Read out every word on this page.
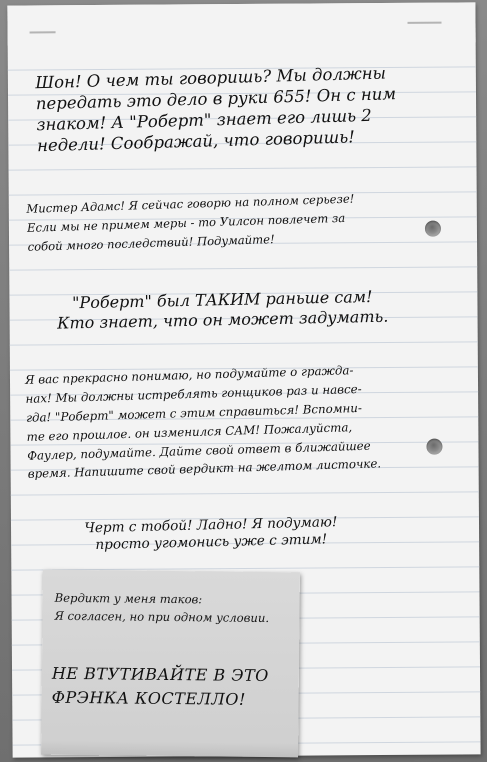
Шон! О чем ты говоришь? Мы должны

передать это дело в руки 655! Он с ним

знаком! А "Роберт" знает его лишь 2

недели! Соображай, что говоришь!

Мистер Адамс! Я сейчас говорю на полном серьезе!

Если мы не примем меры - то Уилсон повлечет за

собой много последствий! Подумайте!

"Роберт" был ТАКИМ раньше сам!

Кто знает, что он может задумать.

Я вас прекрасно понимаю, но подумайте о гражда-

нах! Мы должны истреблять гонщиков раз и навсе-

гда! "Роберт" может с этим справиться! Вспомни-

те его прошлое. он изменился САМ! Пожалуйста,

Фаулер, подумайте. Дайте свой ответ в ближайшее

время. Напишите свой вердикт на желтом листочке.

Черт с тобой! Ладно! Я подумаю!

просто угомонись уже с этим!

Вердикт у меня таков:
Я согласен, но при одном условии.
НЕ ВТУТИВАЙТЕ В ЭТО
ФРЭНКА КОСТЕЛЛО!
